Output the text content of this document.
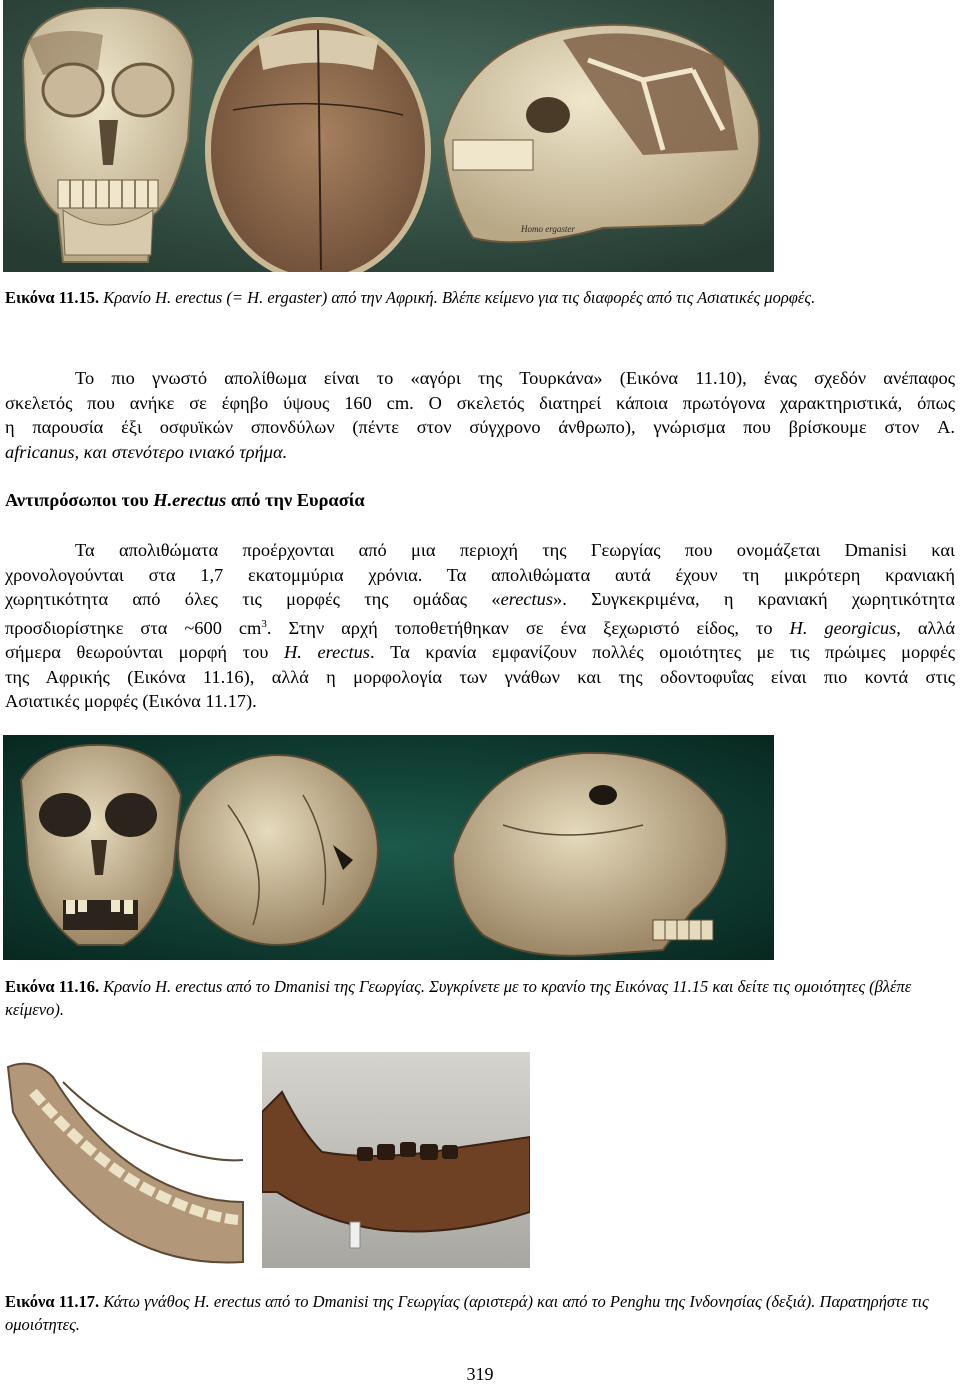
Homo ergaster
Εικόνα 11.15. Κρανίο H. erectus (= H. ergaster) από την Αφρική. Βλέπε κείμενο για τις διαφορές από τις Ασιατικές μορφές.
Το πιο γνωστό απολίθωμα είναι το «αγόρι της Τουρκάνα» (Εικόνα 11.10), ένας σχεδόν ανέπαφος
σκελετός που ανήκε σε έφηβο ύψους 160 cm. Ο σκελετός διατηρεί κάποια πρωτόγονα χαρακτηριστικά, όπως
η παρουσία έξι οσφυϊκών σπονδύλων (πέντε στον σύγχρονο άνθρωπο), γνώρισμα που βρίσκουμε στον A.
africanus, και στενότερο ινιακό τρήμα.
Αντιπρόσωποι του H.erectus από την Ευρασία
Τα απολιθώματα προέρχονται από μια περιοχή της Γεωργίας που ονομάζεται Dmanisi και
χρονολογούνται στα 1,7 εκατομμύρια χρόνια. Τα απολιθώματα αυτά έχουν τη μικρότερη κρανιακή
χωρητικότητα από όλες τις μορφές της ομάδας «erectus». Συγκεκριμένα, η κρανιακή χωρητικότητα
προσδιορίστηκε στα ~600 $cm^3$. Στην αρχή τοποθετήθηκαν σε ένα ξεχωριστό είδος, το H. georgicus, αλλά
σήμερα θεωρούνται μορφή του H. erectus. Τα κρανία εμφανίζουν πολλές ομοιότητες με τις πρώιμες μορφές
της Αφρικής (Εικόνα 11.16), αλλά η μορφολογία των γνάθων και της οδοντοφυΐας είναι πιο κοντά στις
Ασιατικές μορφές (Εικόνα 11.17).
Εικόνα 11.16. Κρανίο H. erectus από το Dmanisi της Γεωργίας. Συγκρίνετε με το κρανίο της Εικόνας 11.15 και δείτε τις ομοιότητες (βλέπε κείμενο).
Εικόνα 11.17. Κάτω γνάθος H. erectus από το Dmanisi της Γεωργίας (αριστερά) και από το Penghu της Ινδονησίας (δεξιά). Παρατηρήστε τις ομοιότητες.
319
